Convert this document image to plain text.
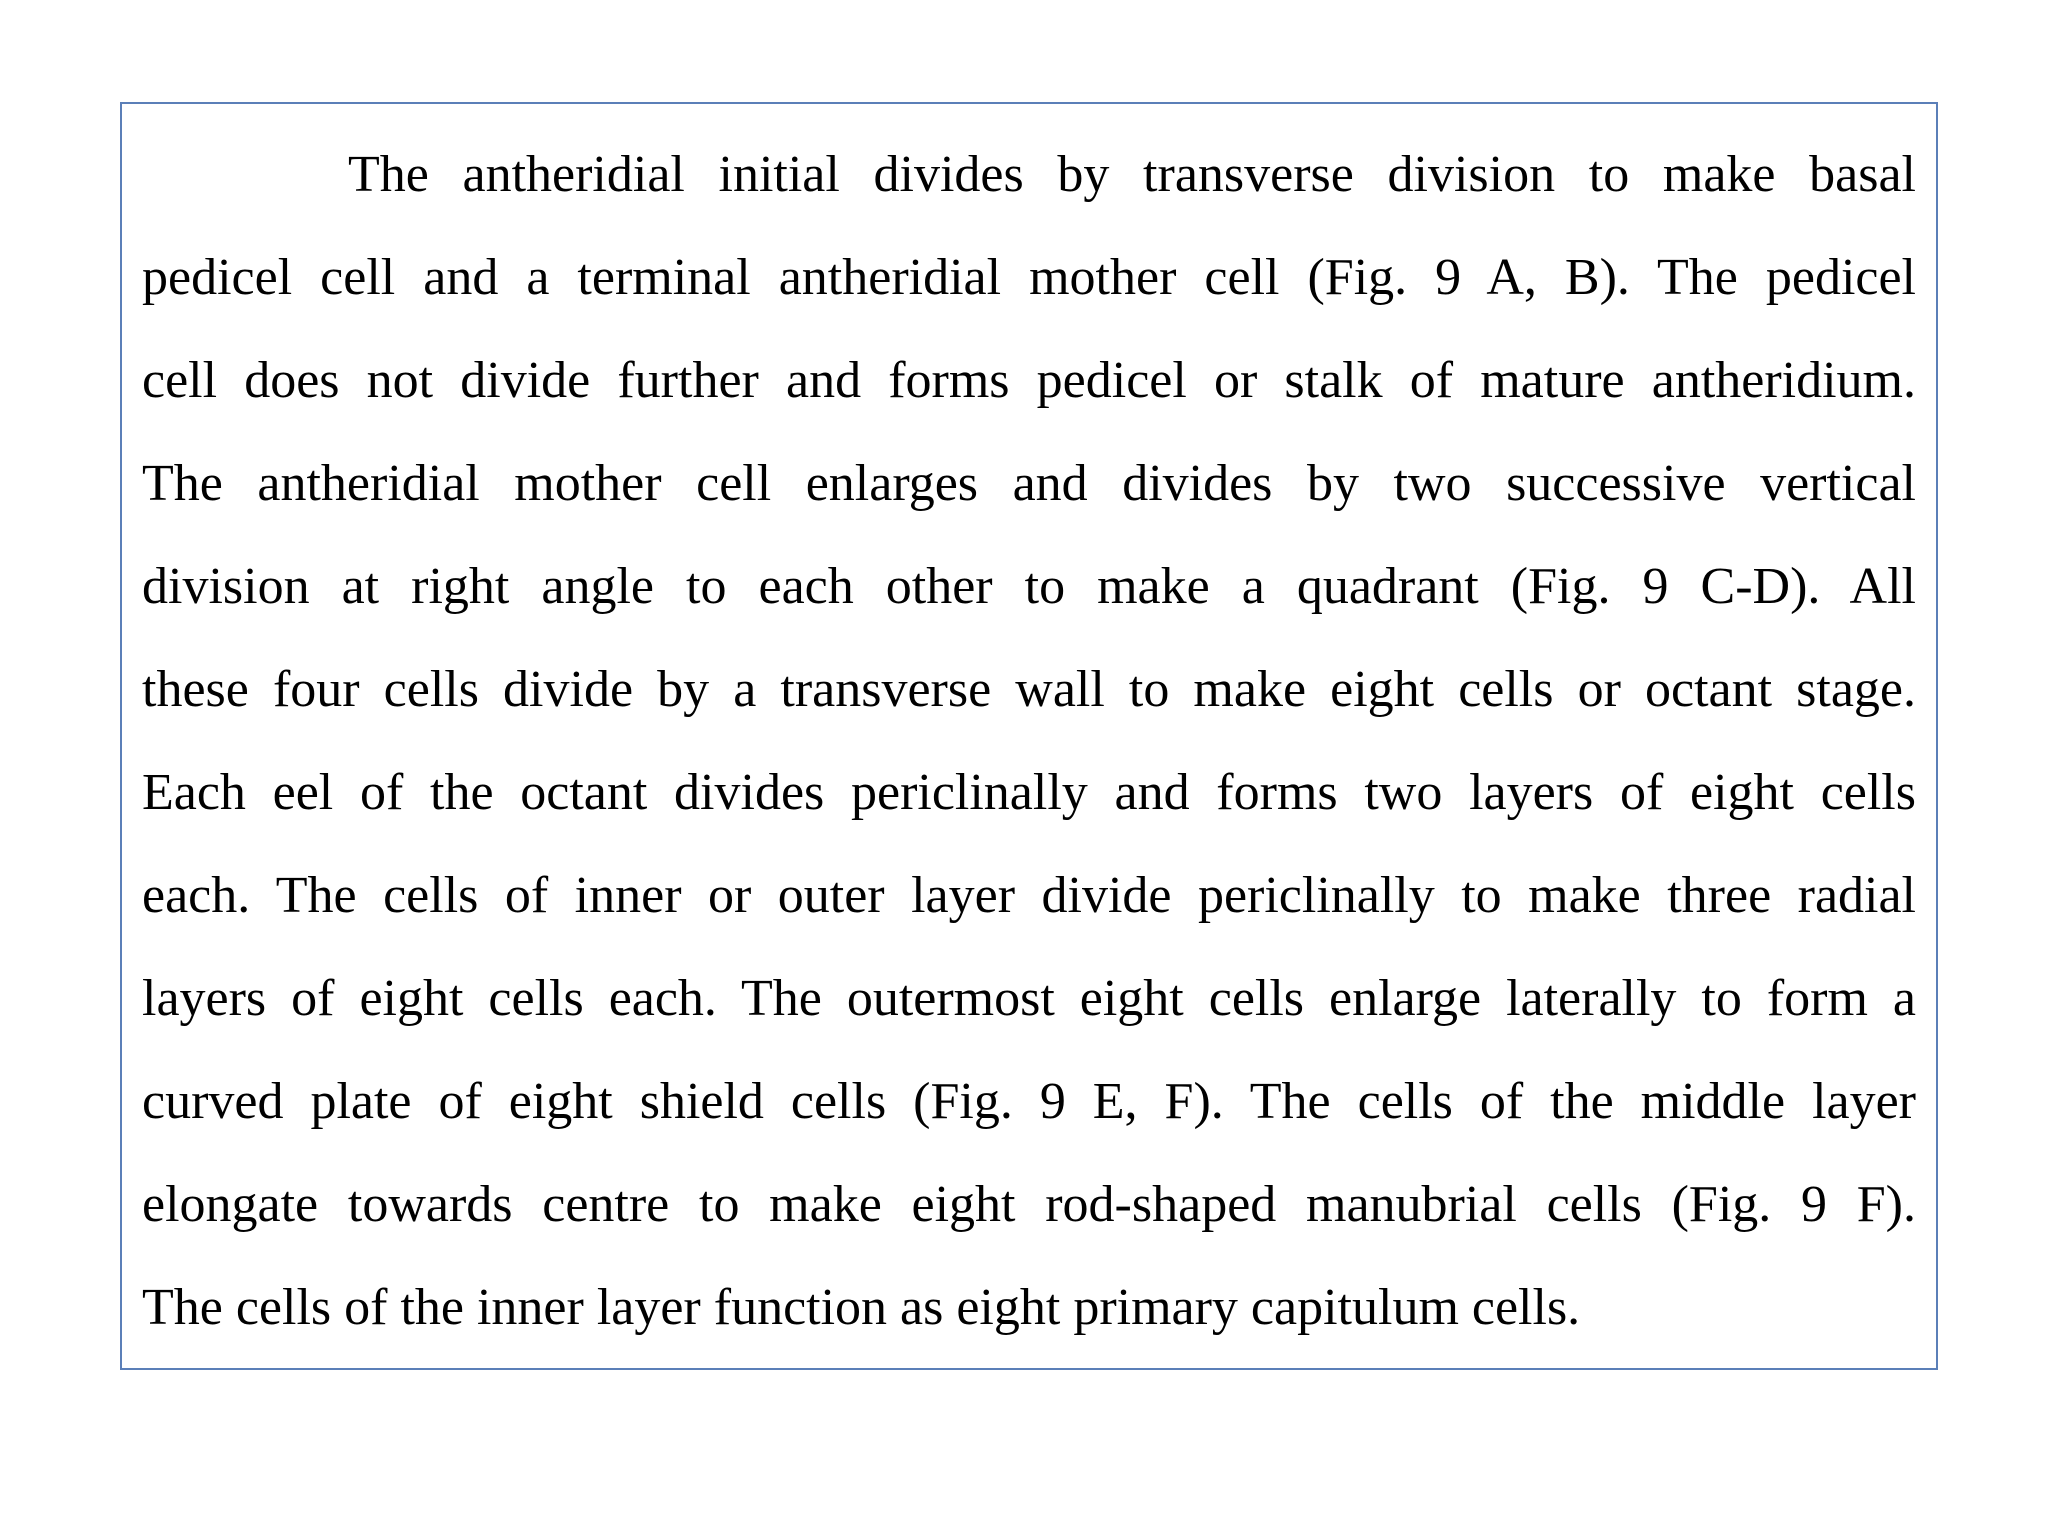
The antheridial initial divides by transverse division to make basal
pedicel cell and a terminal antheridial mother cell (Fig. 9 A, B). The pedicel
cell does not divide further and forms pedicel or stalk of mature antheridium.
The antheridial mother cell enlarges and divides by two successive vertical
division at right angle to each other to make a quadrant (Fig. 9 C-D). All
these four cells divide by a transverse wall to make eight cells or octant stage.
Each eel of the octant divides periclinally and forms two layers of eight cells
each. The cells of inner or outer layer divide periclinally to make three radial
layers of eight cells each. The outermost eight cells enlarge laterally to form a
curved plate of eight shield cells (Fig. 9 E, F). The cells of the middle layer
elongate towards centre to make eight rod-shaped manubrial cells (Fig. 9 F).
The cells of the inner layer function as eight primary capitulum cells.
